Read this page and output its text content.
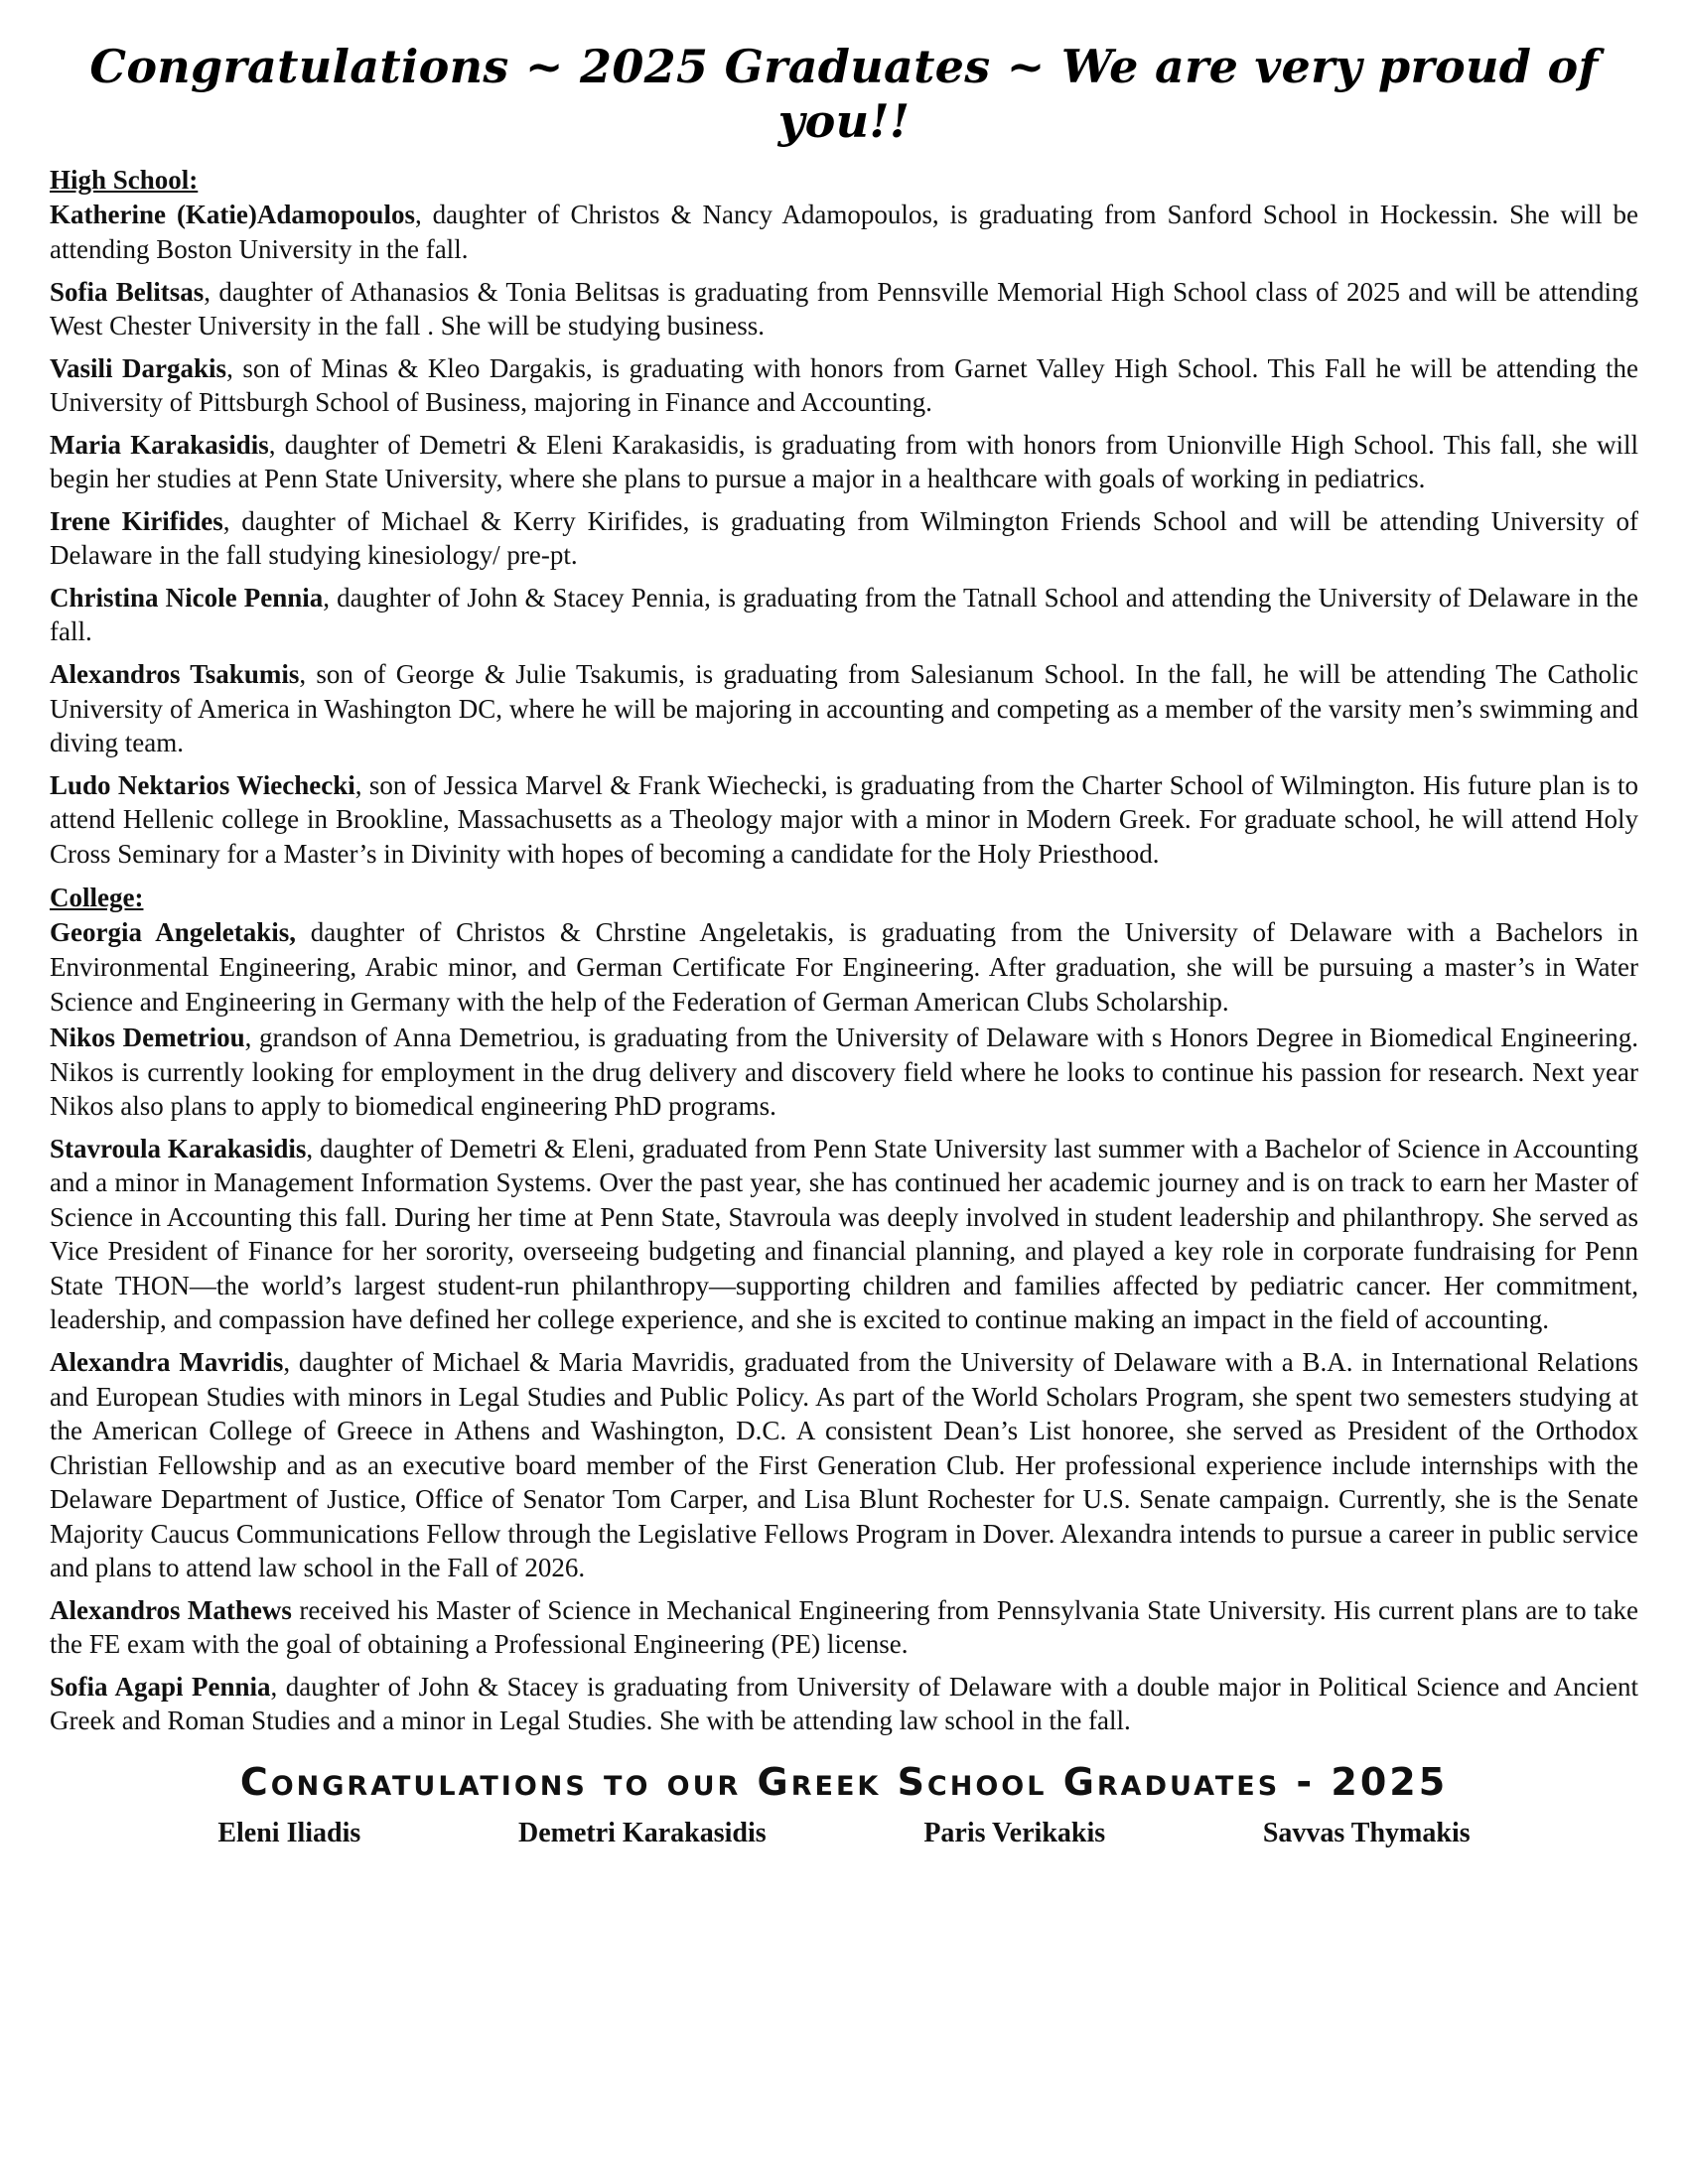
Congratulations ~ 2025 Graduates ~ We are very proud of you!!

High School:

Katherine (Katie)Adamopoulos, daughter of Christos & Nancy Adamopoulos, is graduating from Sanford School in Hockessin. She will be attending Boston University in the fall.

Sofia Belitsas, daughter of Athanasios & Tonia Belitsas is graduating from Pennsville Memorial High School class of 2025 and will be attending West Chester University in the fall . She will be studying business.

Vasili Dargakis, son of Minas & Kleo Dargakis, is graduating with honors from Garnet Valley High School. This Fall he will be attending the University of Pittsburgh School of Business, majoring in Finance and Accounting.

Maria Karakasidis, daughter of Demetri & Eleni Karakasidis, is graduating from with honors from Unionville High School. This fall, she will begin her studies at Penn State University, where she plans to pursue a major in a healthcare with goals of working in pediatrics.

Irene Kirifides, daughter of Michael & Kerry Kirifides, is graduating from Wilmington Friends School and will be attending University of Delaware in the fall studying kinesiology/ pre-pt.

Christina Nicole Pennia, daughter of John & Stacey Pennia, is graduating from the Tatnall School and attending the University of Delaware in the fall.

Alexandros Tsakumis, son of George & Julie Tsakumis, is graduating from Salesianum School. In the fall, he will be attending The Catholic University of America in Washington DC, where he will be majoring in accounting and competing as a member of the varsity men’s swimming and diving team.

Ludo Nektarios Wiechecki, son of Jessica Marvel & Frank Wiechecki, is graduating from the Charter School of Wilmington. His future plan is to attend Hellenic college in Brookline, Massachusetts as a Theology major with a minor in Modern Greek. For graduate school, he will attend Holy Cross Seminary for a Master’s in Divinity with hopes of becoming a candidate for the Holy Priesthood.

College:

Georgia Angeletakis, daughter of Christos & Chrstine Angeletakis, is graduating from the University of Delaware with a Bachelors in Environmental Engineering, Arabic minor, and German Certificate For Engineering. After graduation, she will be pursuing a master’s in Water Science and Engineering in Germany with the help of the Federation of German American Clubs Scholarship.

Nikos Demetriou, grandson of Anna Demetriou, is graduating from the University of Delaware with s Honors Degree in Biomedical Engineering. Nikos is currently looking for employment in the drug delivery and discovery field where he looks to continue his passion for research. Next year Nikos also plans to apply to biomedical engineering PhD programs.

Stavroula Karakasidis, daughter of Demetri & Eleni, graduated from Penn State University last summer with a Bachelor of Science in Accounting and a minor in Management Information Systems. Over the past year, she has continued her academic journey and is on track to earn her Master of Science in Accounting this fall. During her time at Penn State, Stavroula was deeply involved in student leadership and philanthropy. She served as Vice President of Finance for her sorority, overseeing budgeting and financial planning, and played a key role in corporate fundraising for Penn State THON—the world’s largest student-run philanthropy—supporting children and families affected by pediatric cancer. Her commitment, leadership, and compassion have defined her college experience, and she is excited to continue making an impact in the field of accounting.

Alexandra Mavridis, daughter of Michael & Maria Mavridis, graduated from the University of Delaware with a B.A. in International Relations and European Studies with minors in Legal Studies and Public Policy. As part of the World Scholars Program, she spent two semesters studying at the American College of Greece in Athens and Washington, D.C. A consistent Dean’s List honoree, she served as President of the Orthodox Christian Fellowship and as an executive board member of the First Generation Club. Her professional experience include internships with the Delaware Department of Justice, Office of Senator Tom Carper, and Lisa Blunt Rochester for U.S. Senate campaign. Currently, she is the Senate Majority Caucus Communications Fellow through the Legislative Fellows Program in Dover. Alexandra intends to pursue a career in public service and plans to attend law school in the Fall of 2026.

Alexandros Mathews received his Master of Science in Mechanical Engineering from Pennsylvania State University. His current plans are to take the FE exam with the goal of obtaining a Professional Engineering (PE) license.

Sofia Agapi Pennia, daughter of John & Stacey is graduating from University of Delaware with a double major in Political Science and Ancient Greek and Roman Studies and a minor in Legal Studies. She with be attending law school in the fall.

Congratulations to our Greek School Graduates - 2025
Eleni Iliadis	Demetri Karakasidis	Paris Verikakis	Savvas Thymakis
